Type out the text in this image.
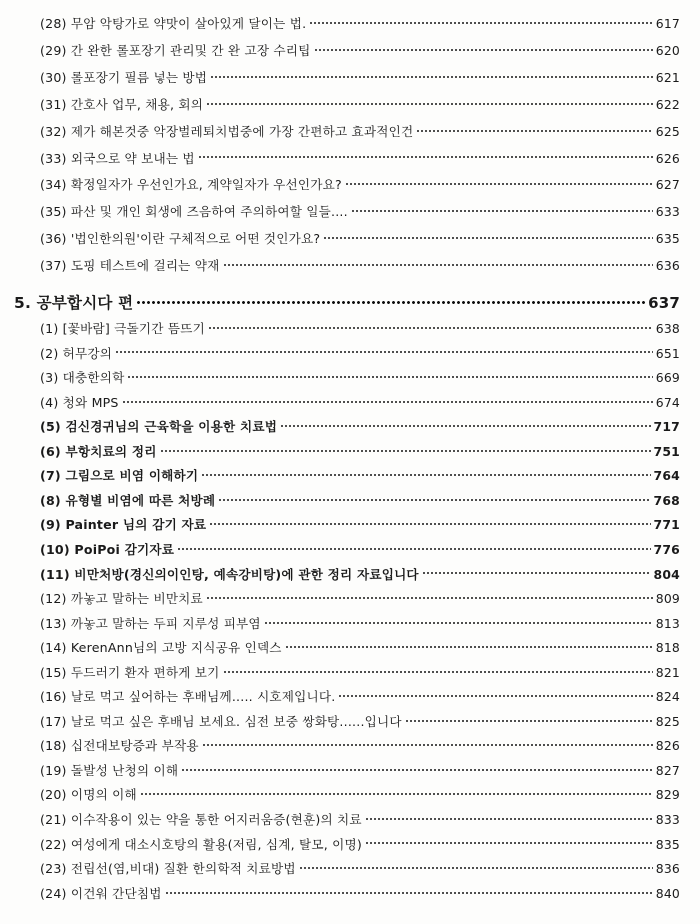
(28) 무암 악탕가로 약맛이 살아있게 달이는 법.	617
(29) 간 완한 롤포장기 관리및 간 완 고장 수리팁	620
(30) 롤포장기 필름 넣는 방법	621
(31) 간호사 업무, 채용, 회의	622
(32) 제가 해본것중 악장벌레퇴치법중에 가장 간편하고 효과적인건	625
(33) 외국으로 약 보내는 법	626
(34) 확정일자가 우선인가요, 계약일자가 우선인가요?	627
(35) 파산 및 개인 회생에 즈음하여 주의하여할 일들....	633
(36) '법인한의원'이란 구체적으로 어떤 것인가요?	635
(37) 도핑 테스트에 걸리는 약재	636
5. 공부합시다 편	637
(1) [꽃바람] 극돌기간 뜸뜨기	638
(2) 허무강의	651
(3) 대충한의학	669
(4) 청와 MPS	674
(5) 검신경귀님의 근육학을 이용한 치료법	717
(6) 부항치료의 정리	751
(7) 그림으로 비염 이해하기	764
(8) 유형별 비염에 따른 처방례	768
(9) Painter 님의 감기 자료	771
(10) PoiPoi 감기자료	776
(11) 비만처방(경신의이인탕, 예속강비탕)에 관한 정리 자료입니다	804
(12) 까놓고 말하는 비만치료	809
(13) 까놓고 말하는 두피 지루성 피부염	813
(14) KerenAnn님의 고방 지식공유 인덱스	818
(15) 두드러기 환자 편하게 보기	821
(16) 날로 먹고 싶어하는 후배님께..... 시호제입니다.	824
(17) 날로 먹고 싶은 후배님 보세요. 심전 보중 쌍화탕......입니다	825
(18) 십전대보탕증과 부작용	826
(19) 돌발성 난청의 이해	827
(20) 이명의 이해	829
(21) 이수작용이 있는 약을 통한 어지러움증(현훈)의 치료	833
(22) 여성에게 대소시호탕의 활용(저림, 심계, 탈모, 이명)	835
(23) 전립선(염,비대) 질환 한의학적 치료방법	836
(24) 이건워 간단침법	840
